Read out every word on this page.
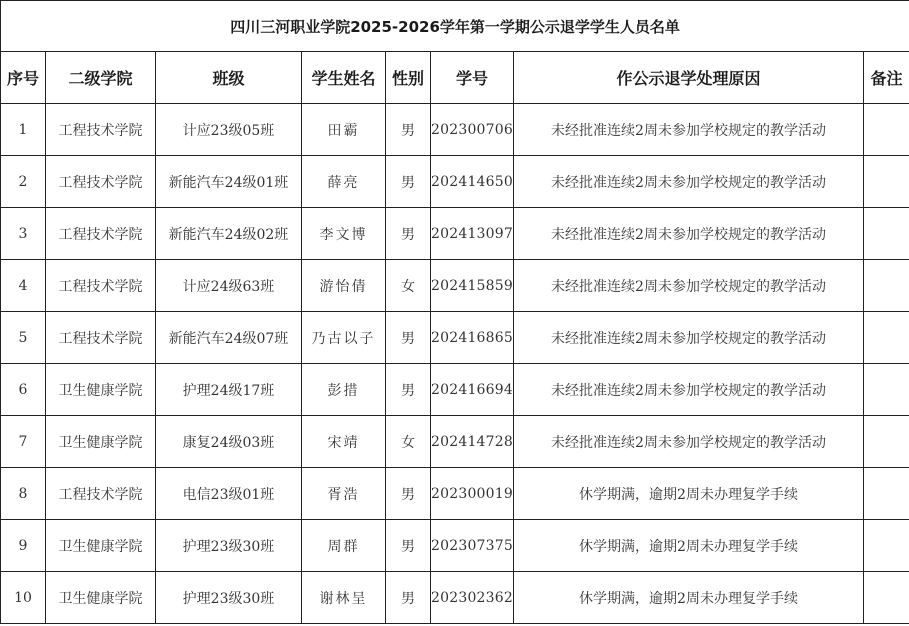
四川三河职业学院2025-2026学年第一学期公示退学学生人员名单							
序号	二级学院	班级	学生姓名	性别	学号	作公示退学处理原因	备注
1	工程技术学院	计应23级05班	田霸	男	202300706	未经批准连续2周未参加学校规定的教学活动	
2	工程技术学院	新能汽车24级01班	薛亮	男	202414650	未经批准连续2周未参加学校规定的教学活动	
3	工程技术学院	新能汽车24级02班	李文博	男	202413097	未经批准连续2周未参加学校规定的教学活动	
4	工程技术学院	计应24级63班	游怡倩	女	202415859	未经批准连续2周未参加学校规定的教学活动	
5	工程技术学院	新能汽车24级07班	乃古以子	男	202416865	未经批准连续2周未参加学校规定的教学活动	
6	卫生健康学院	护理24级17班	彭措	男	202416694	未经批准连续2周未参加学校规定的教学活动	
7	卫生健康学院	康复24级03班	宋靖	女	202414728	未经批准连续2周未参加学校规定的教学活动	
8	工程技术学院	电信23级01班	胥浩	男	202300019	休学期满，逾期2周未办理复学手续	
9	卫生健康学院	护理23级30班	周群	男	202307375	休学期满，逾期2周未办理复学手续	
10	卫生健康学院	护理23级30班	谢林呈	男	202302362	休学期满，逾期2周未办理复学手续	
